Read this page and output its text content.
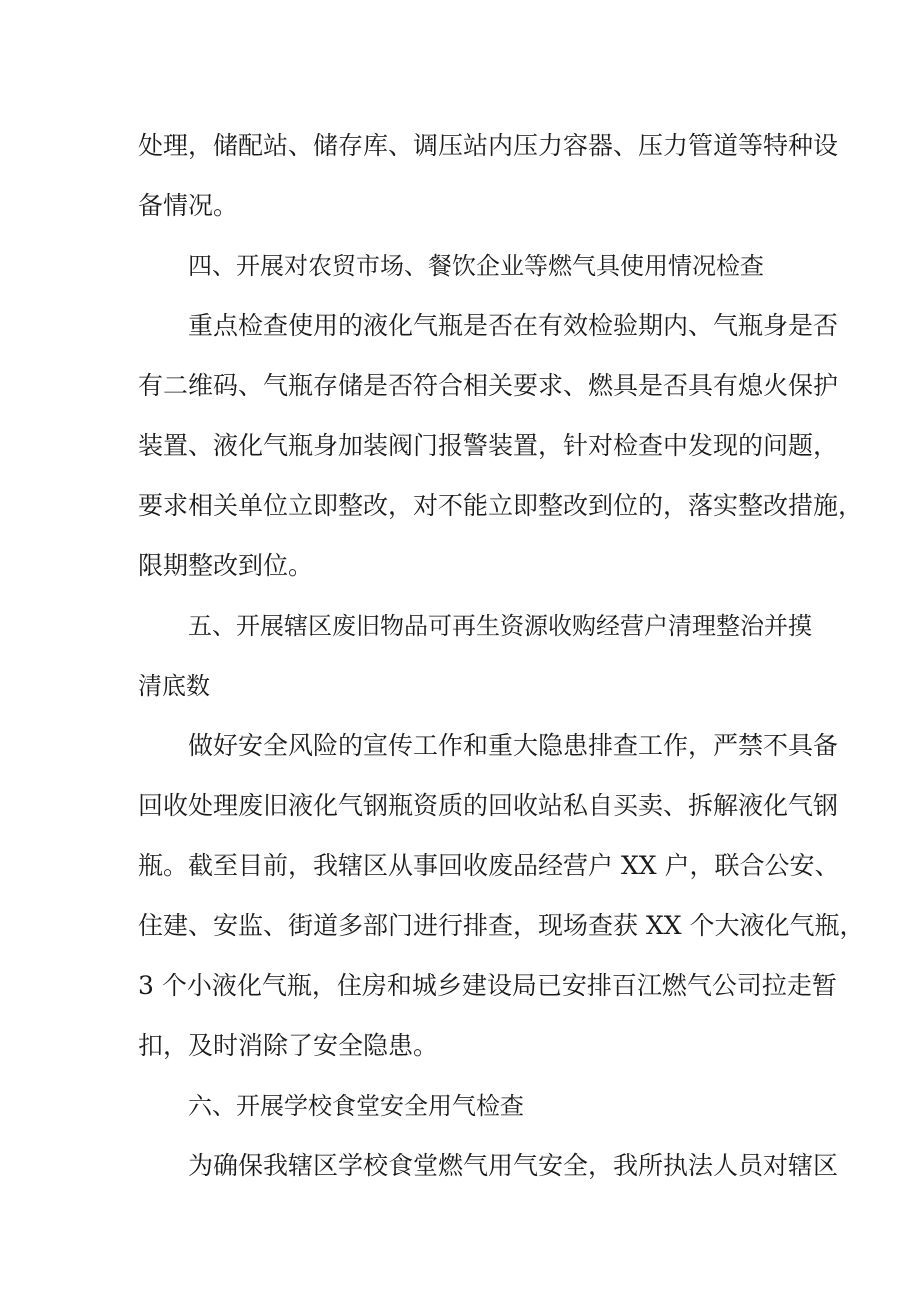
处理，储配站、储存库、调压站内压力容器、压力管道等特种设
备情况。
四、开展对农贸市场、餐饮企业等燃气具使用情况检查
重点检查使用的液化气瓶是否在有效检验期内、气瓶身是否
有二维码、气瓶存储是否符合相关要求、燃具是否具有熄火保护
装置、液化气瓶身加装阀门报警装置，针对检查中发现的问题，
要求相关单位立即整改，对不能立即整改到位的，落实整改措施，
限期整改到位。
五、开展辖区废旧物品可再生资源收购经营户清理整治并摸
清底数
做好安全风险的宣传工作和重大隐患排查工作，严禁不具备
回收处理废旧液化气钢瓶资质的回收站私自买卖、拆解液化气钢
瓶。截至目前，我辖区从事回收废品经营户 XX 户，联合公安、
住建、安监、街道多部门进行排查，现场查获 XX 个大液化气瓶，
3 个小液化气瓶，住房和城乡建设局已安排百江燃气公司拉走暂
扣，及时消除了安全隐患。
六、开展学校食堂安全用气检查
为确保我辖区学校食堂燃气用气安全，我所执法人员对辖区
